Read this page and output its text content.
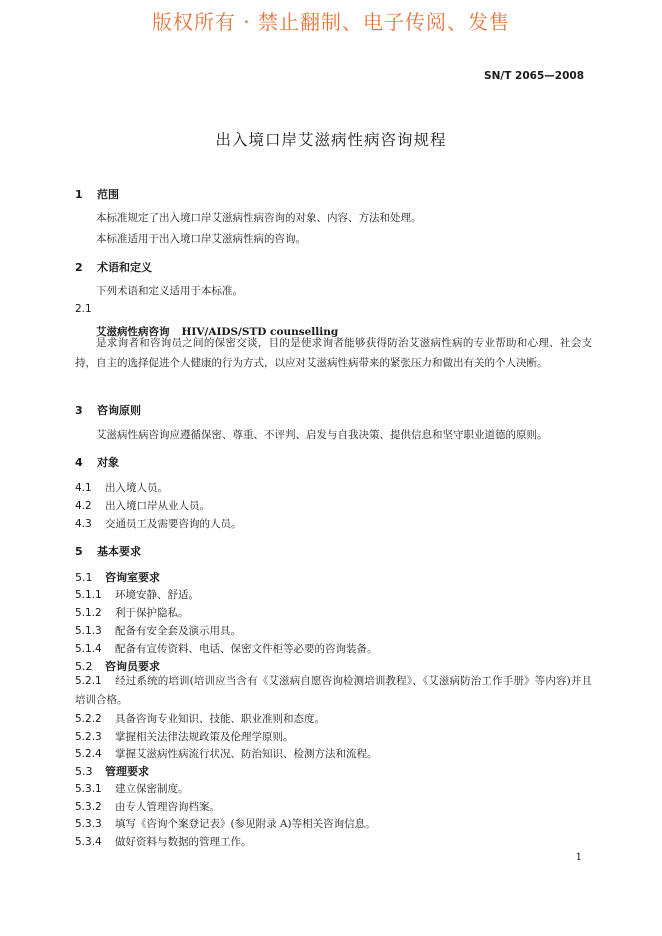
版权所有 · 禁止翻制、电子传阅、发售
SN/T 2065—2008
出入境口岸艾滋病性病咨询规程
1 范围
本标准规定了出入境口岸艾滋病性病咨询的对象、内容、方法和处理。
本标准适用于出入境口岸艾滋病性病的咨询。
2 术语和定义
下列术语和定义适用于本标准。
2.1
艾滋病性病咨询 HIV/AIDS/STD counselling
是求询者和咨询员之间的保密交谈，目的是使求询者能够获得防治艾滋病性病的专业帮助和心理、社会支持，自主的选择促进个人健康的行为方式，以应对艾滋病性病带来的紧张压力和做出有关的个人决断。
3 咨询原则
艾滋病性病咨询应遵循保密、尊重、不评判、启发与自我决策、提供信息和坚守职业道德的原则。
4 对象
4.1 出入境人员。
4.2 出入境口岸从业人员。
4.3 交通员工及需要咨询的人员。
5 基本要求
5.1 咨询室要求
5.1.1 环境安静、舒适。
5.1.2 利于保护隐私。
5.1.3 配备有安全套及演示用具。
5.1.4 配备有宣传资料、电话、保密文件柜等必要的咨询装备。
5.2 咨询员要求
5.2.1 经过系统的培训(培训应当含有《艾滋病自愿咨询检测培训教程》、《艾滋病防治工作手册》等内容)并且培训合格。
5.2.2 具备咨询专业知识、技能、职业准则和态度。
5.2.3 掌握相关法律法规政策及伦理学原则。
5.2.4 掌握艾滋病性病流行状况、防治知识、检测方法和流程。
5.3 管理要求
5.3.1 建立保密制度。
5.3.2 由专人管理咨询档案。
5.3.3 填写《咨询个案登记表》(参见附录 A)等相关咨询信息。
5.3.4 做好资料与数据的管理工作。
1
